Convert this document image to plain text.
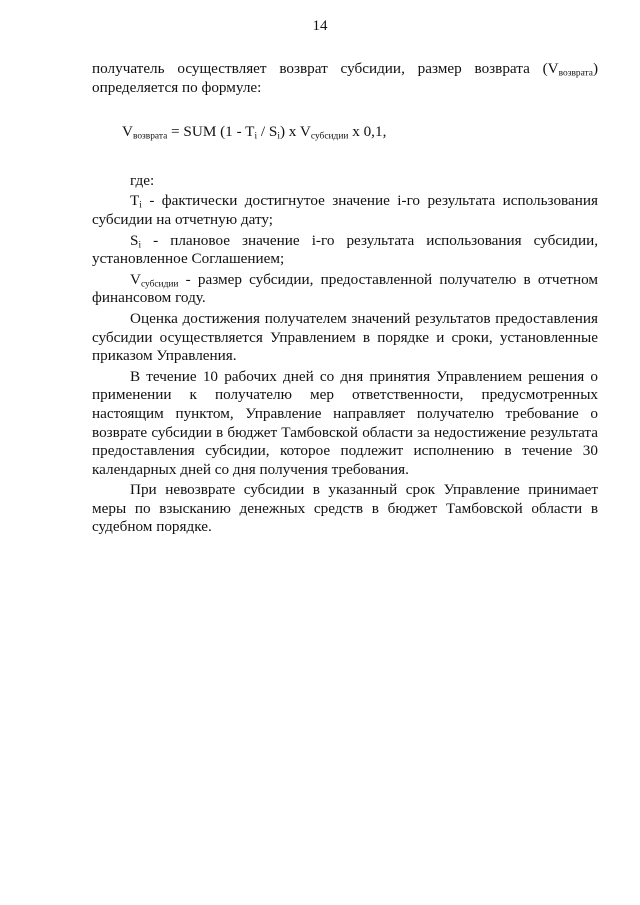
14

получатель осуществляет возврат субсидии, размер возврата $(V_{возврата})$ определяется по формуле:

$V_{возврата}$ = SUM $(1 - T_i / S_i)$ x $V_{субсидии}$ x 0,1,

где:

$T_i$ - фактически достигнутое значение i-го результата использования субсидии на отчетную дату;

$S_i$ - плановое значение i-го результата использования субсидии, установленное Соглашением;

$V_{субсидии}$ - размер субсидии, предоставленной получателю в отчетном финансовом году.

Оценка достижения получателем значений результатов предоставления субсидии осуществляется Управлением в порядке и сроки, установленные приказом Управления.

В течение 10 рабочих дней со дня принятия Управлением решения о применении к получателю мер ответственности, предусмотренных настоящим пунктом, Управление направляет получателю требование о возврате субсидии в бюджет Тамбовской области за недостижение результата предоставления субсидии, которое подлежит исполнению в течение 30 календарных дней со дня получения требования.

При невозврате субсидии в указанный срок Управление принимает меры по взысканию денежных средств в бюджет Тамбовской области в судебном порядке.
